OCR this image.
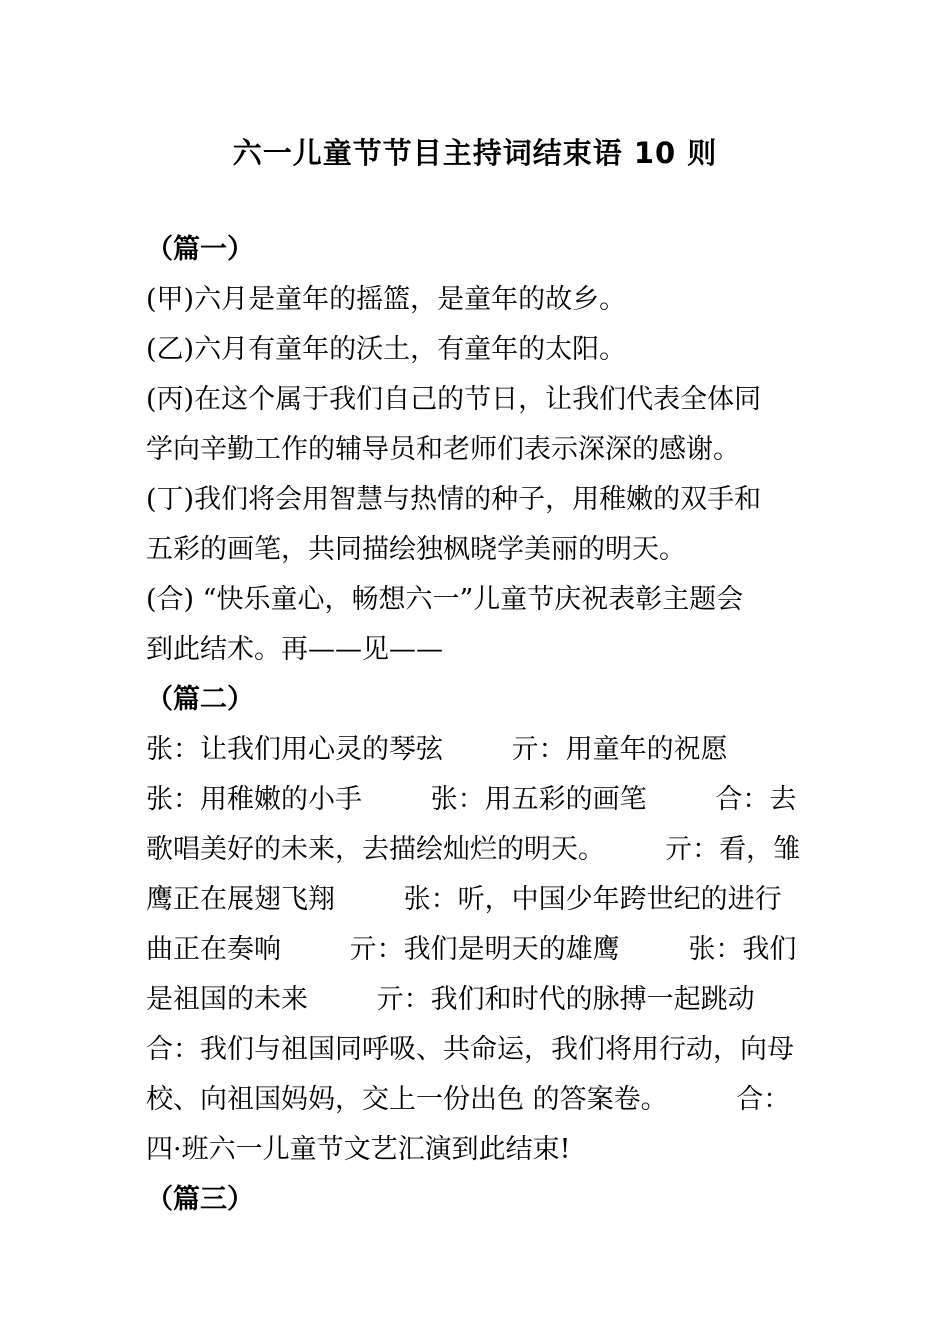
六一儿童节节目主持词结束语 10 则
（篇一）

(甲)六月是童年的摇篮，是童年的故乡。

(乙)六月有童年的沃土，有童年的太阳。

(丙)在这个属于我们自己的节日，让我们代表全体同

学向辛勤工作的辅导员和老师们表示深深的感谢。

(丁)我们将会用智慧与热情的种子，用稚嫩的双手和

五彩的画笔，共同描绘独枫晓学美丽的明天。

(合) “快乐童心，畅想六一”儿童节庆祝表彰主题会

到此结术。再——见——

（篇二）

张：让我们用心灵的琴弦        亓：用童年的祝愿

张：用稚嫩的小手        张：用五彩的画笔        合：去

歌唱美好的未来，去描绘灿烂的明天。       亓：看，雏

鹰正在展翅飞翔        张：听，中国少年跨世纪的进行

曲正在奏响        亓：我们是明天的雄鹰        张：我们

是祖国的未来        亓：我们和时代的脉搏一起跳动

合：我们与祖国同呼吸、共命运，我们将用行动，向母

校、向祖国妈妈，交上一份出色 的答案卷。        合：

四·班六一儿童节文艺汇演到此结束!

（篇三）
